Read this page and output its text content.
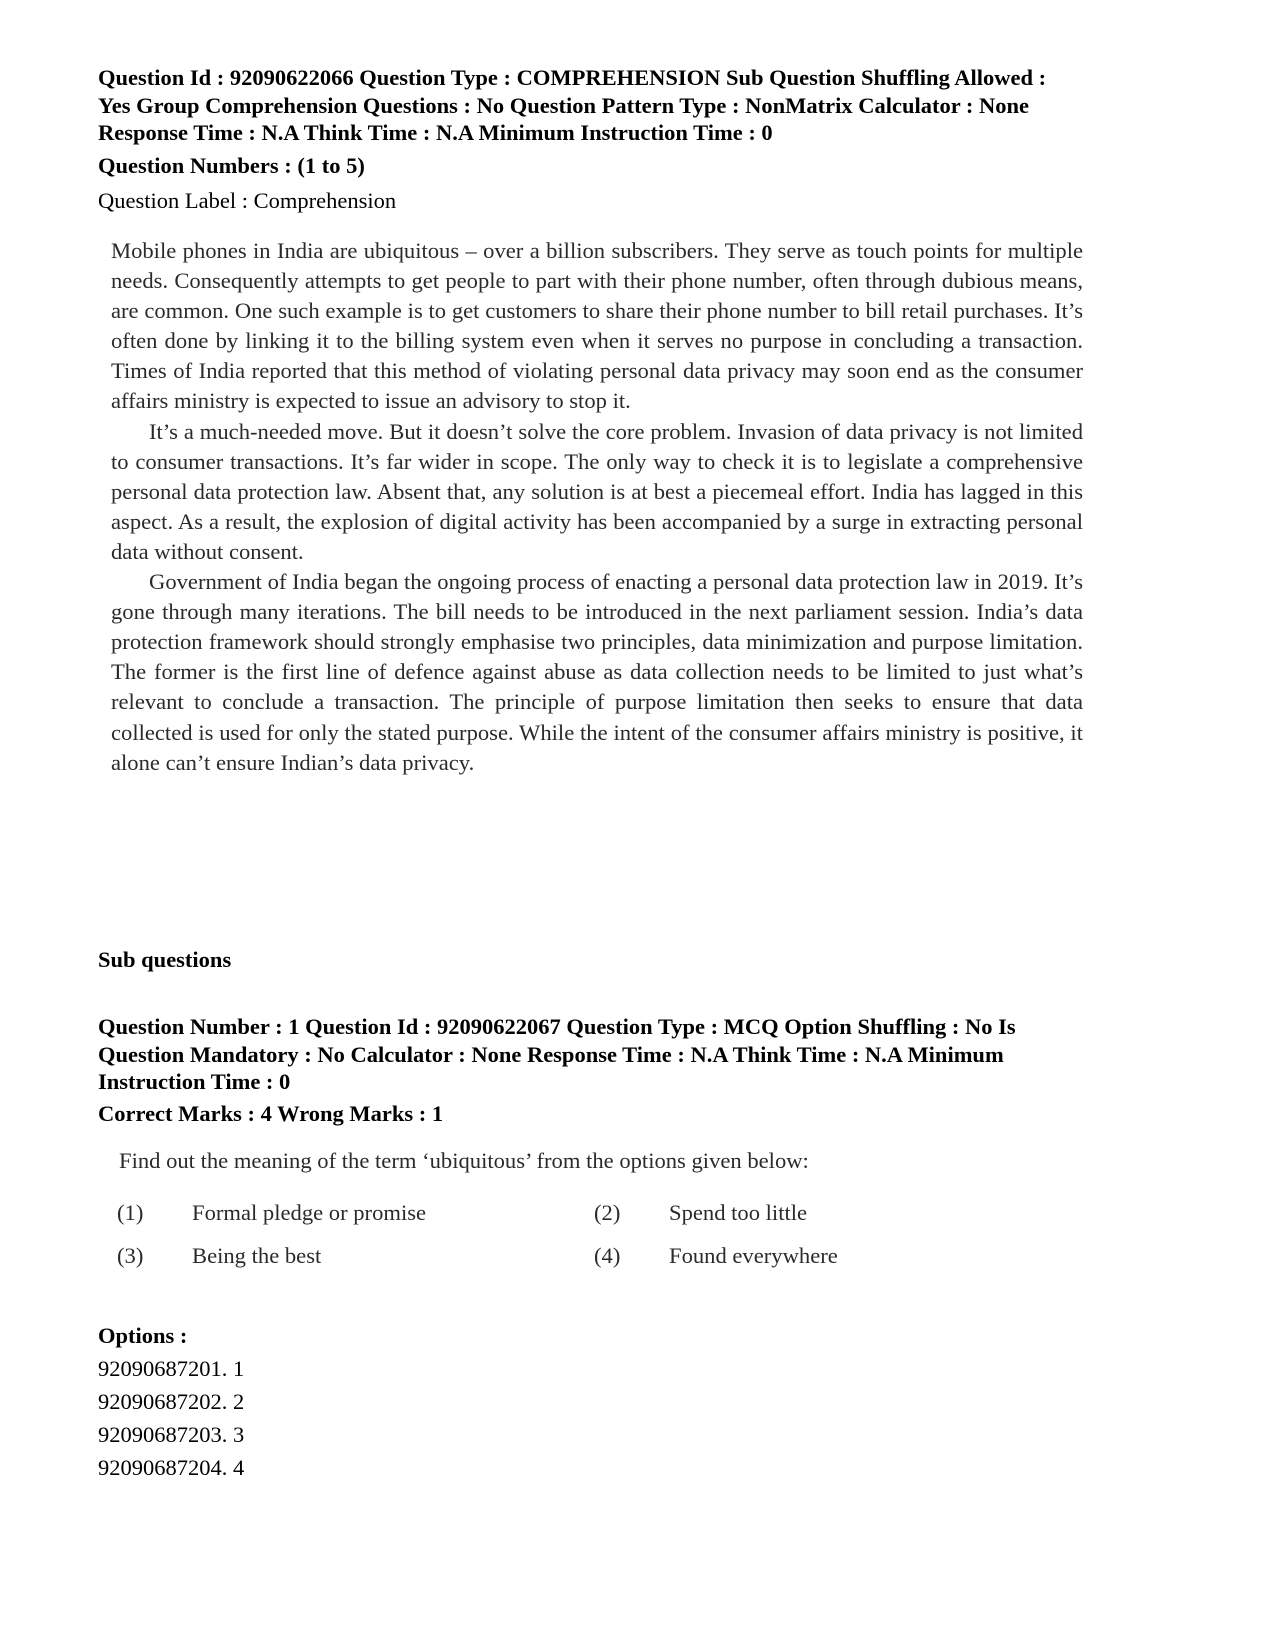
Question Id : 92090622066 Question Type : COMPREHENSION Sub Question Shuffling Allowed :
Yes Group Comprehension Questions : No Question Pattern Type : NonMatrix Calculator : None
Response Time : N.A Think Time : N.A Minimum Instruction Time : 0
Question Numbers : (1 to 5)
Question Label : Comprehension

Mobile phones in India are ubiquitous – over a billion subscribers. They serve as touch points for multiple needs. Consequently attempts to get people to part with their phone number, often through dubious means, are common. One such example is to get customers to share their phone number to bill retail purchases. It’s often done by linking it to the billing system even when it serves no purpose in concluding a transaction. Times of India reported that this method of violating personal data privacy may soon end as the consumer affairs ministry is expected to issue an advisory to stop it.

It’s a much-needed move. But it doesn’t solve the core problem. Invasion of data privacy is not limited to consumer transactions. It’s far wider in scope. The only way to check it is to legislate a comprehensive personal data protection law. Absent that, any solution is at best a piecemeal effort. India has lagged in this aspect. As a result, the explosion of digital activity has been accompanied by a surge in extracting personal data without consent.

Government of India began the ongoing process of enacting a personal data protection law in 2019. It’s gone through many iterations. The bill needs to be introduced in the next parliament session. India’s data protection framework should strongly emphasise two principles, data minimization and purpose limitation. The former is the first line of defence against abuse as data collection needs to be limited to just what’s relevant to conclude a transaction. The principle of purpose limitation then seeks to ensure that data collected is used for only the stated purpose. While the intent of the consumer affairs ministry is positive, it alone can’t ensure Indian’s data privacy.

Sub questions
Question Number : 1 Question Id : 92090622067 Question Type : MCQ Option Shuffling : No Is
Question Mandatory : No Calculator : None Response Time : N.A Think Time : N.A Minimum
Instruction Time : 0
Correct Marks : 4 Wrong Marks : 1
Find out the meaning of the term ‘ubiquitous’ from the options given below:
(1) Formal pledge or promise	(2) Spend too little
(3) Being the best	(4) Found everywhere
Options :
92090687201. 1
92090687202. 2
92090687203. 3
92090687204. 4
